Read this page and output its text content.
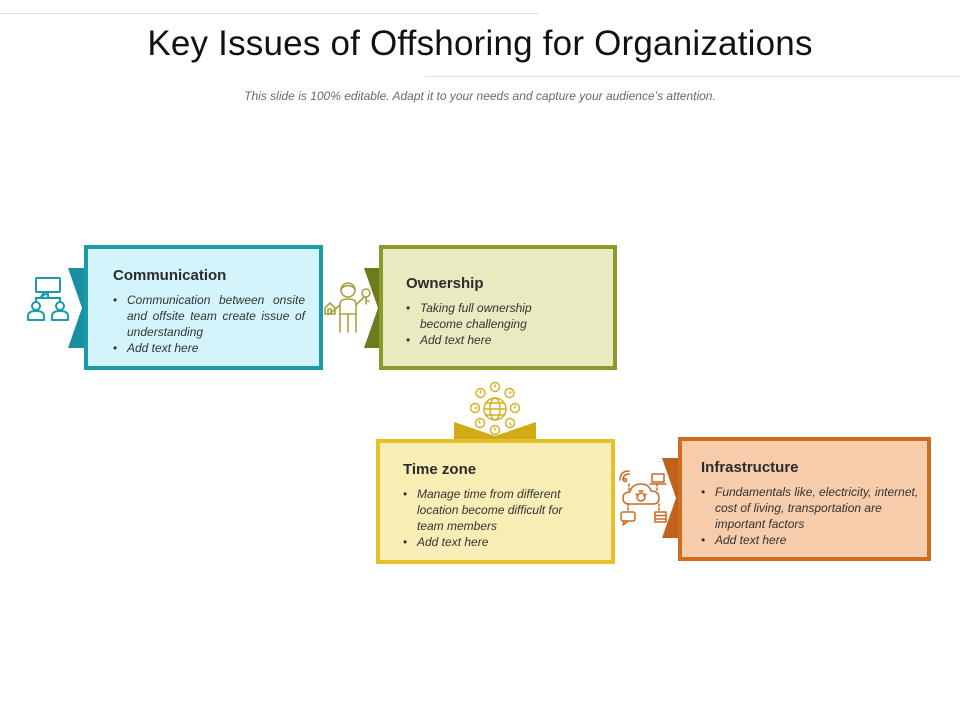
Key Issues of Offshoring for Organizations
This slide is 100% editable. Adapt it to your needs and capture your audience’s attention.
Communication
• Communication between onsite and offsite team create issue of understanding
• Add text here
Ownership
• Taking full ownership become challenging
• Add text here
Time zone
• Manage time from different location become difficult for team members
• Add text here
Infrastructure
• Fundamentals like, electricity, internet, cost of living, transportation are important factors
• Add text here
